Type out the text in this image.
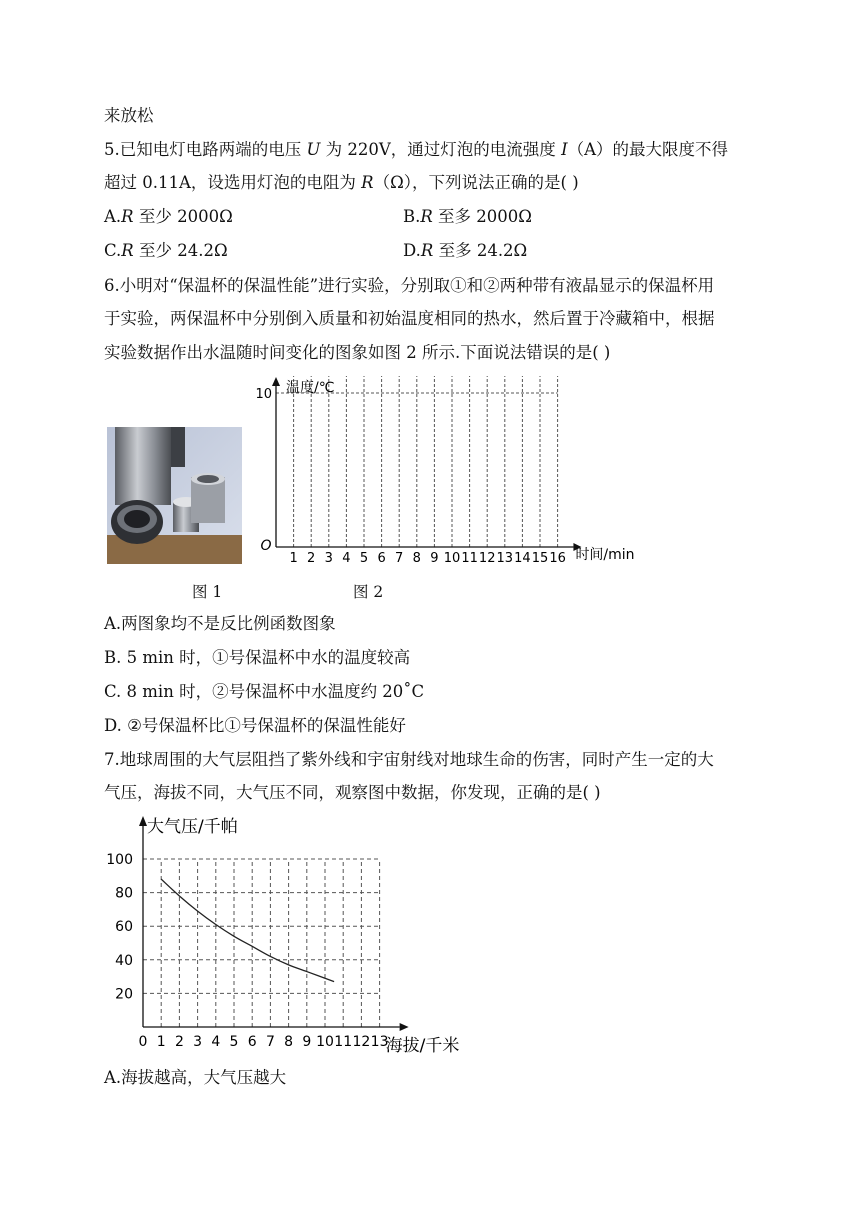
来放松
5.已知电灯电路两端的电压 U 为 220V，通过灯泡的电流强度 I（A）的最大限度不得
超过 0.11A，设选用灯泡的电阻为 R（Ω），下列说法正确的是( )
A.R 至少 2000Ω	B.R 至多 2000Ω
C.R 至少 24.2Ω	D.R 至多 24.2Ω
6.小明对“保温杯的保温性能”进行实验，分别取①和②两种带有液晶显示的保温杯用
于实验，两保温杯中分别倒入质量和初始温度相同的热水，然后置于冷藏箱中，根据
实验数据作出水温随时间变化的图象如图 2 所示.下面说法错误的是( )
10
1 2 3 4 5 6 7 8 9 10 11 12 13 14 15 16
O
温度/℃
时间/min
图 1	图 2
A.两图象均不是反比例函数图象
B. 5 min 时，①号保温杯中水的温度较高
C. 8 min 时，②号保温杯中水温度约 20˚C
D. ②号保温杯比①号保温杯的保温性能好
7.地球周围的大气层阻挡了紫外线和宇宙射线对地球生命的伤害，同时产生一定的大
气压，海拔不同，大气压不同，观察图中数据，你发现，正确的是( )
20
40
60
80
100
0 1 2 3 4 5 6 7 8 9 10 11 12 13
大气压/千帕
海拔/千米
A.海拔越高，大气压越大
